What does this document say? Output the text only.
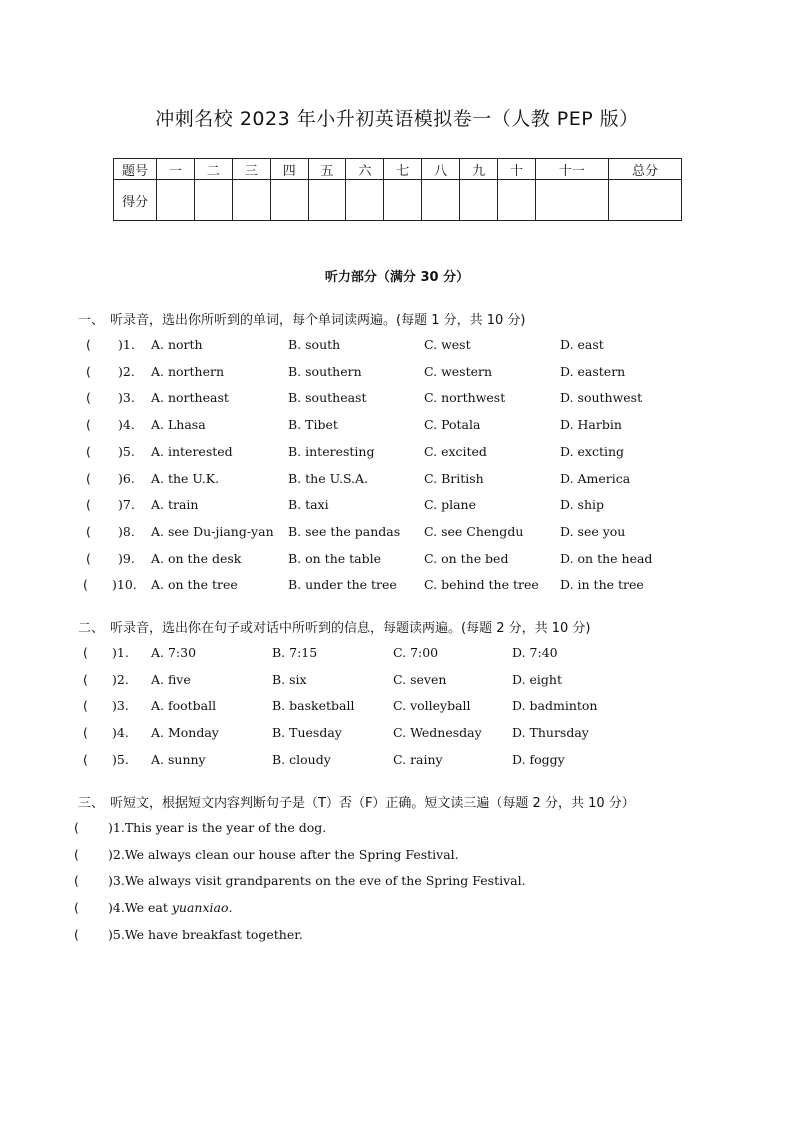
冲刺名校 2023 年小升初英语模拟卷一（人教 PEP 版）
题号	一	二	三	四	五	六	七	八	九	十	十一	总分
得分												
听力部分（满分 30 分）
一、 听录音，选出你所听到的单词，每个单词读两遍。(每题 1 分，共 10 分)
( )1. A. north	B. south	C. west	D. east
( )2. A. northern	B. southern	C. western	D. eastern
( )3. A. northeast	B. southeast	C. northwest	D. southwest
( )4. A. Lhasa	B. Tibet	C. Potala	D. Harbin
( )5. A. interested	B. interesting	C. excited	D. excting
( )6. A. the U.K.	B. the U.S.A.	C. British	D. America
( )7. A. train	B. taxi	C. plane	D. ship
( )8. A. see Du-jiang-yan B. see the pandas C. see Chengdu	D. see you
( )9. A. on the desk	B. on the table	C. on the bed	D. on the head
( )10. A. on the tree	B. under the tree C. behind the tree D. in the tree
二、 听录音，选出你在句子或对话中所听到的信息，每题读两遍。(每题 2 分，共 10 分)
( )1. A. 7:30	B. 7:15	C. 7:00	D. 7:40
( )2. A. five	B. six	C. seven	D. eight
( )3. A. football	B. basketball	C. volleyball	D. badminton
( )4. A. Monday	B. Tuesday	C. Wednesday D. Thursday
( )5. A. sunny	B. cloudy	C. rainy	D. foggy
三、 听短文，根据短文内容判断句子是（T）否（F）正确。短文读三遍（每题 2 分，共 10 分）
( )1.This year is the year of the dog.
( )2.We always clean our house after the Spring Festival.
( )3.We always visit grandparents on the eve of the Spring Festival.
( )4.We eat yuanxiao.
( )5.We have breakfast together.
